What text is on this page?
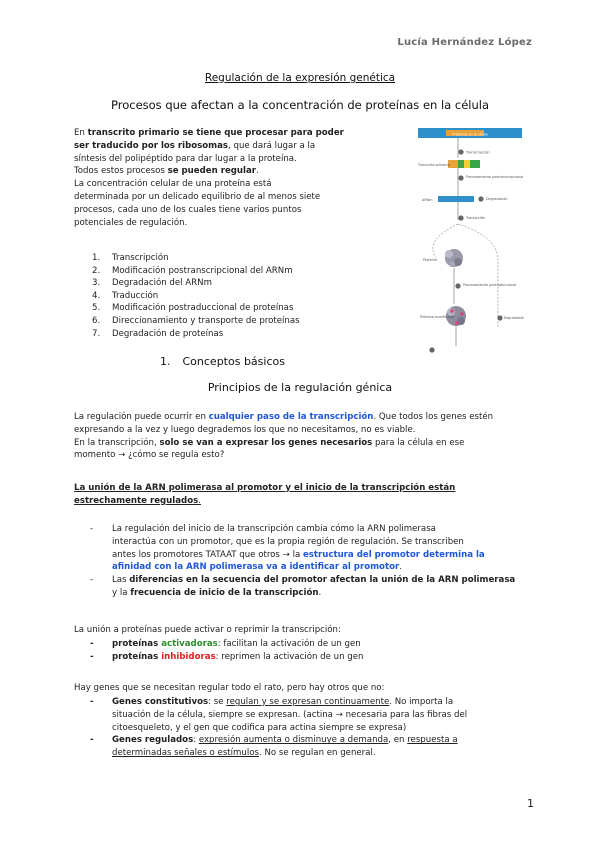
Lucía Hernández López
Regulación de la expresión genética
Procesos que afectan a la concentración de proteínas en la célula
En transcrito primario se tiene que procesar para poder
ser traducido por los ribosomas, que dará lugar a la
síntesis del polipéptido para dar lugar a la proteína.
Todos estos procesos se pueden regular.
La concentración celular de una proteína está
determinada por un delicado equilibrio de al menos siete
procesos, cada uno de los cuales tiene varios puntos
potenciales de regulación.
1. Transcripción
2. Modificación postranscripcional del ARNm
3. Degradación del ARNm
4. Traducción
5. Modificación postraduccional de proteínas
6. Direccionamiento y transporte de proteínas
7. Degradación de proteínas
Proteínas en la célula
Transcripción
Transcrito primario
Procesamiento postranscripcional
ARNm	Degradación
Traducción
Proteína
Procesamiento postraduccional
Proteína modificada	Degradación
1. Conceptos básicos
Principios de la regulación génica
La regulación puede ocurrir en cualquier paso de la transcripción. Que todos los genes estén
expresando a la vez y luego degrademos los que no necesitamos, no es viable.
En la transcripción, solo se van a expresar los genes necesarios para la célula en ese
momento → ¿cómo se regula esto?
La unión de la ARN polimerasa al promotor y el inicio de la transcripción están
estrechamente regulados.
-	La regulación del inicio de la transcripción cambia cómo la ARN polimerasa
interactúa con un promotor, que es la propia región de regulación. Se transcriben
antes los promotores TATAAT que otros → la estructura del promotor determina la
afinidad con la ARN polimerasa va a identificar al promotor.
-	Las diferencias en la secuencia del promotor afectan la unión de la ARN polimerasa
y la frecuencia de inicio de la transcripción.
La unión a proteínas puede activar o reprimir la transcripción:
-	proteínas activadoras: facilitan la activación de un gen
-	proteínas inhibidoras: reprimen la activación de un gen
Hay genes que se necesitan regular todo el rato, pero hay otros que no:
-	Genes constitutivos: se regulan y se expresan continuamente. No importa la
situación de la célula, siempre se expresan. (actina → necesaria para las fibras del
citoesqueleto, y el gen que codifica para actina siempre se expresa)
-	Genes regulados: expresión aumenta o disminuye a demanda, en respuesta a
determinadas señales o estímulos. No se regulan en general.
1
